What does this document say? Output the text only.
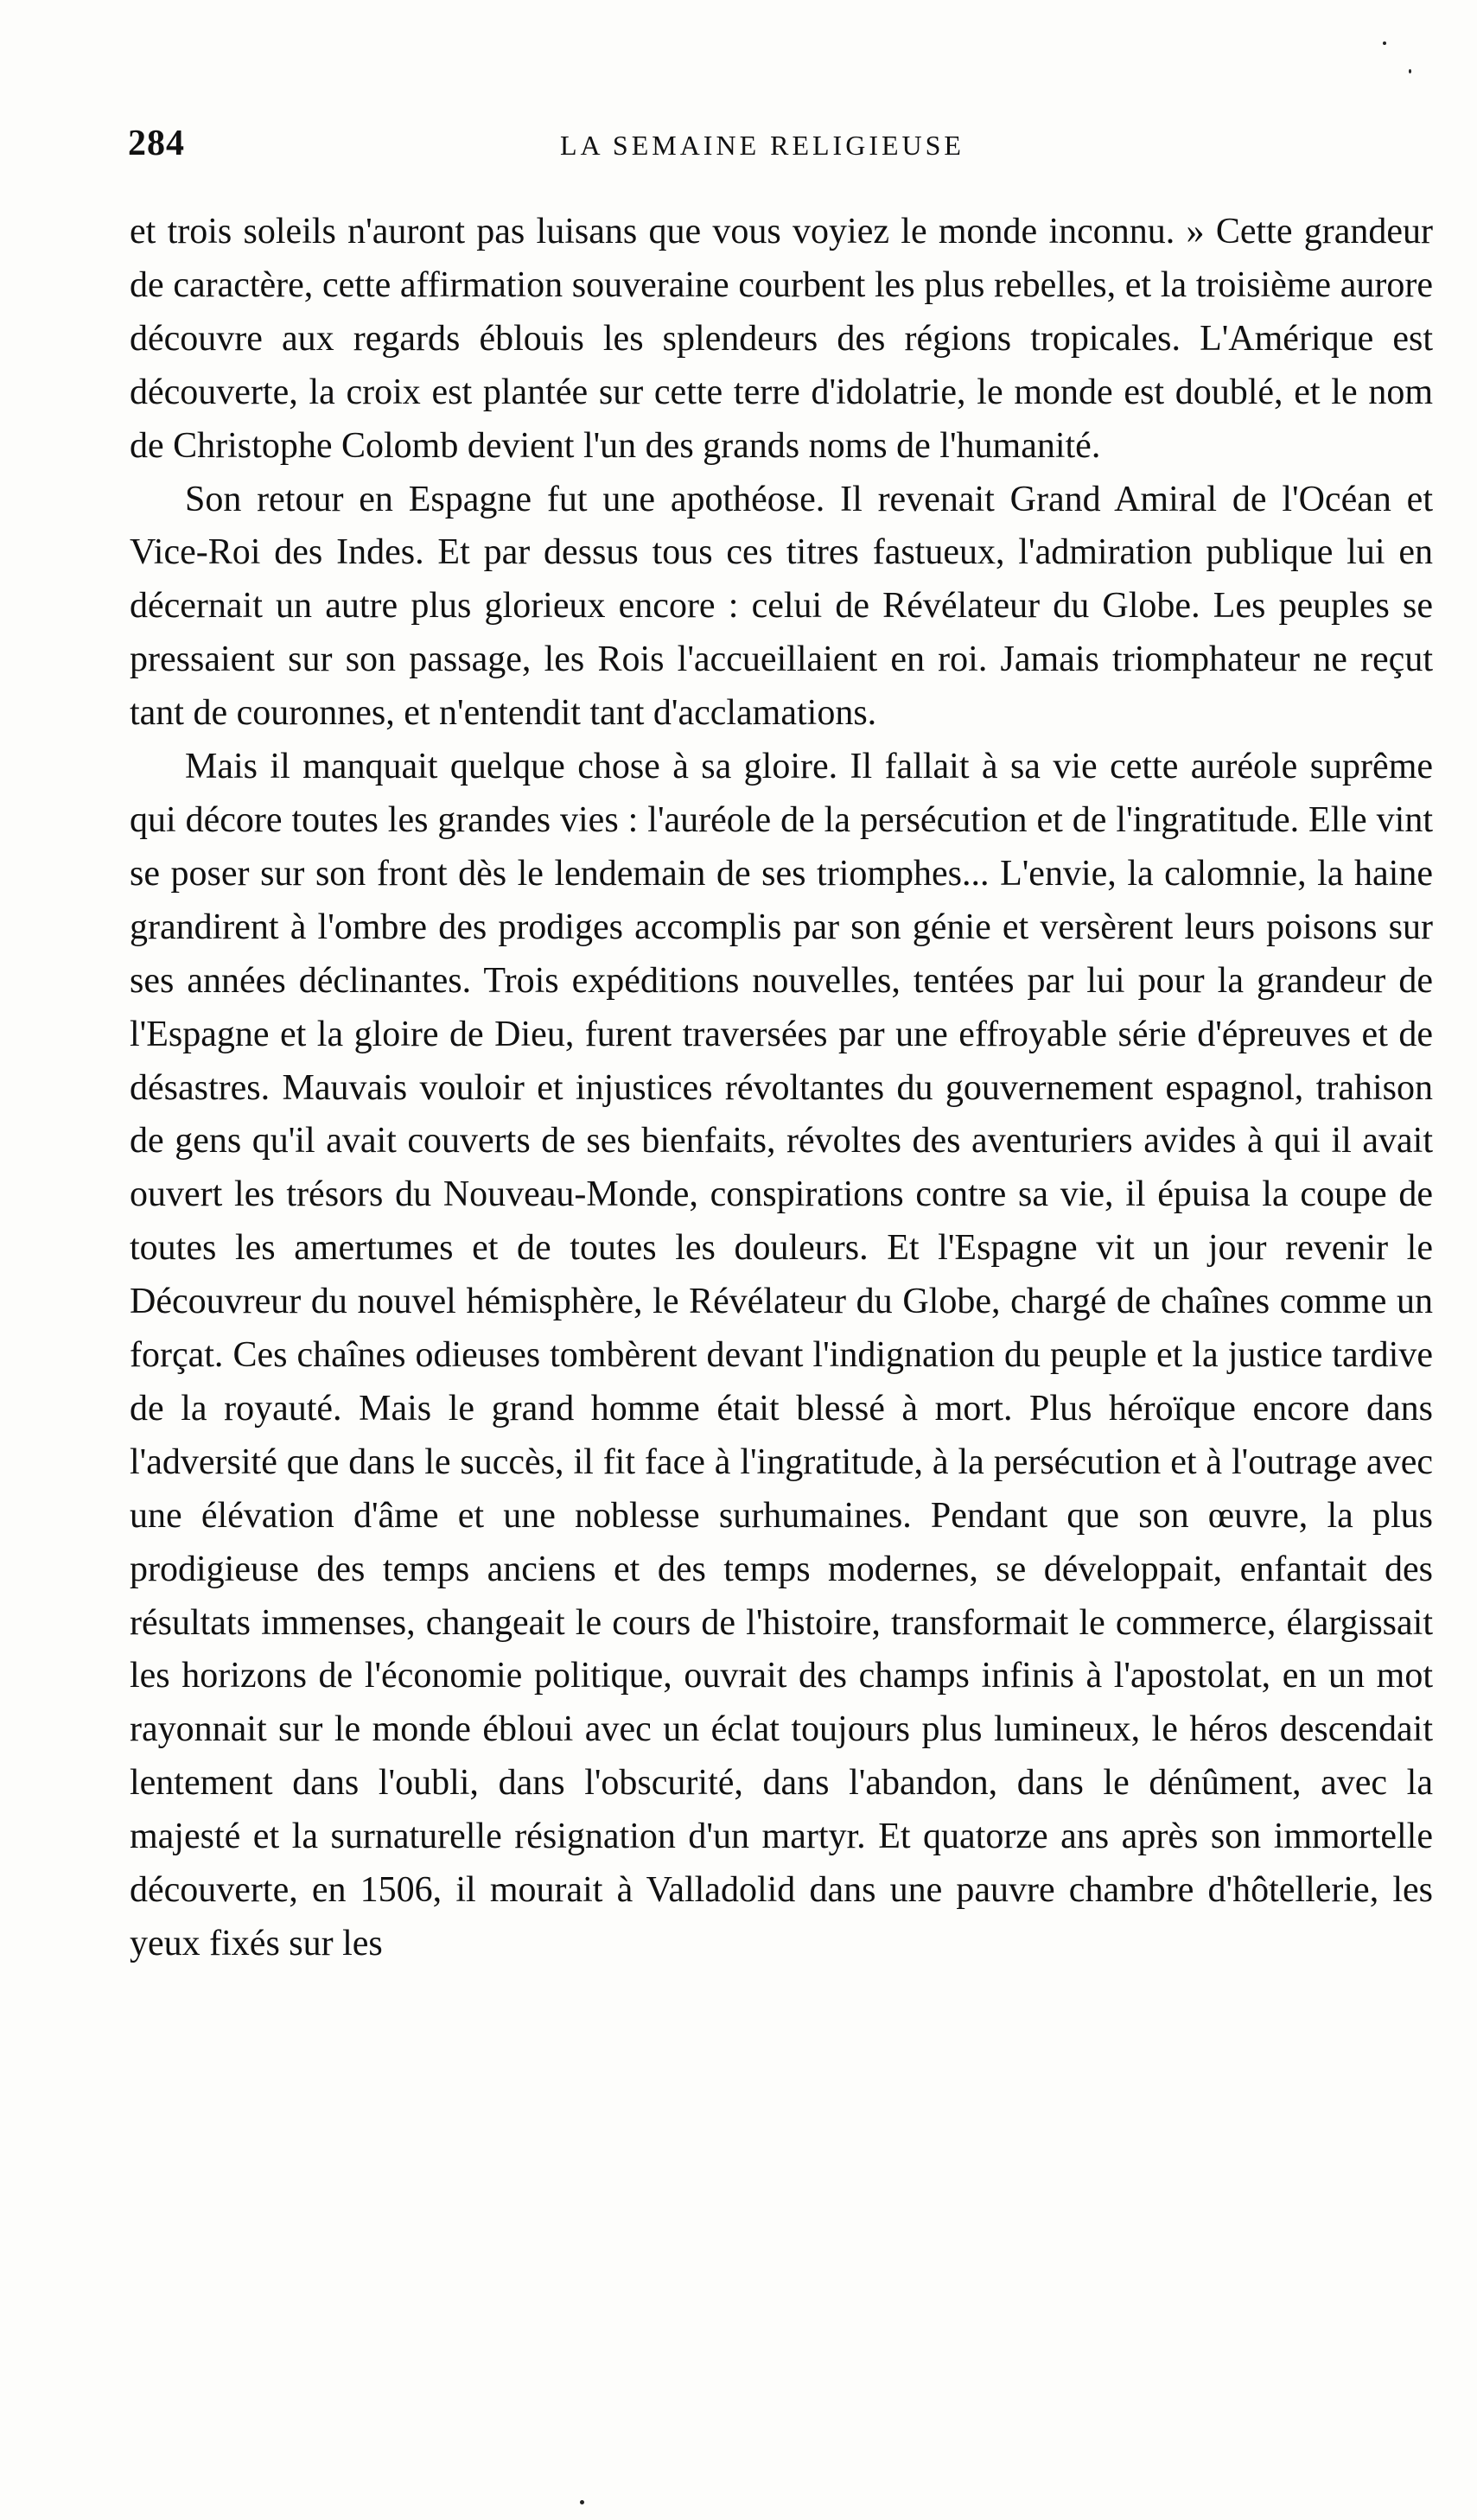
284	LA SEMAINE RELIGIEUSE

et trois soleils n'auront pas luisans que vous voyiez le monde inconnu. » Cette grandeur de caractère, cette affirmation souveraine courbent les plus rebelles, et la troisième aurore découvre aux regards éblouis les splendeurs des régions tropicales. L'Amérique est découverte, la croix est plantée sur cette terre d'idolatrie, le monde est doublé, et le nom de Christophe Colomb devient l'un des grands noms de l'humanité.

Son retour en Espagne fut une apothéose. Il revenait Grand Amiral de l'Océan et Vice-Roi des Indes. Et par dessus tous ces titres fastueux, l'admiration publique lui en décernait un autre plus glorieux encore : celui de Révélateur du Globe. Les peuples se pressaient sur son passage, les Rois l'accueillaient en roi. Jamais triomphateur ne reçut tant de couronnes, et n'entendit tant d'acclamations.

Mais il manquait quelque chose à sa gloire. Il fallait à sa vie cette auréole suprême qui décore toutes les grandes vies : l'auréole de la persécution et de l'ingratitude. Elle vint se poser sur son front dès le lendemain de ses triomphes... L'envie, la calomnie, la haine grandirent à l'ombre des prodiges accomplis par son génie et versèrent leurs poisons sur ses années déclinantes. Trois expéditions nouvelles, tentées par lui pour la grandeur de l'Espagne et la gloire de Dieu, furent traversées par une effroyable série d'épreuves et de désastres. Mauvais vouloir et injustices révoltantes du gouvernement espagnol, trahison de gens qu'il avait couverts de ses bienfaits, révoltes des aventuriers avides à qui il avait ouvert les trésors du Nouveau-Monde, conspirations contre sa vie, il épuisa la coupe de toutes les amertumes et de toutes les douleurs. Et l'Espagne vit un jour revenir le Découvreur du nouvel hémisphère, le Révélateur du Globe, chargé de chaînes comme un forçat. Ces chaînes odieuses tombèrent devant l'indignation du peuple et la justice tardive de la royauté. Mais le grand homme était blessé à mort. Plus héroïque encore dans l'adversité que dans le succès, il fit face à l'ingratitude, à la persécution et à l'outrage avec une élévation d'âme et une noblesse surhumaines. Pendant que son œuvre, la plus prodigieuse des temps anciens et des temps modernes, se développait, enfantait des résultats immenses, changeait le cours de l'histoire, transformait le commerce, élargissait les horizons de l'économie politique, ouvrait des champs infinis à l'apostolat, en un mot rayonnait sur le monde ébloui avec un éclat toujours plus lumineux, le héros descendait lentement dans l'oubli, dans l'obscurité, dans l'abandon, dans le dénûment, avec la majesté et la surnaturelle résignation d'un martyr. Et quatorze ans après son immortelle découverte, en 1506, il mourait à Valladolid dans une pauvre chambre d'hôtellerie, les yeux fixés sur les
